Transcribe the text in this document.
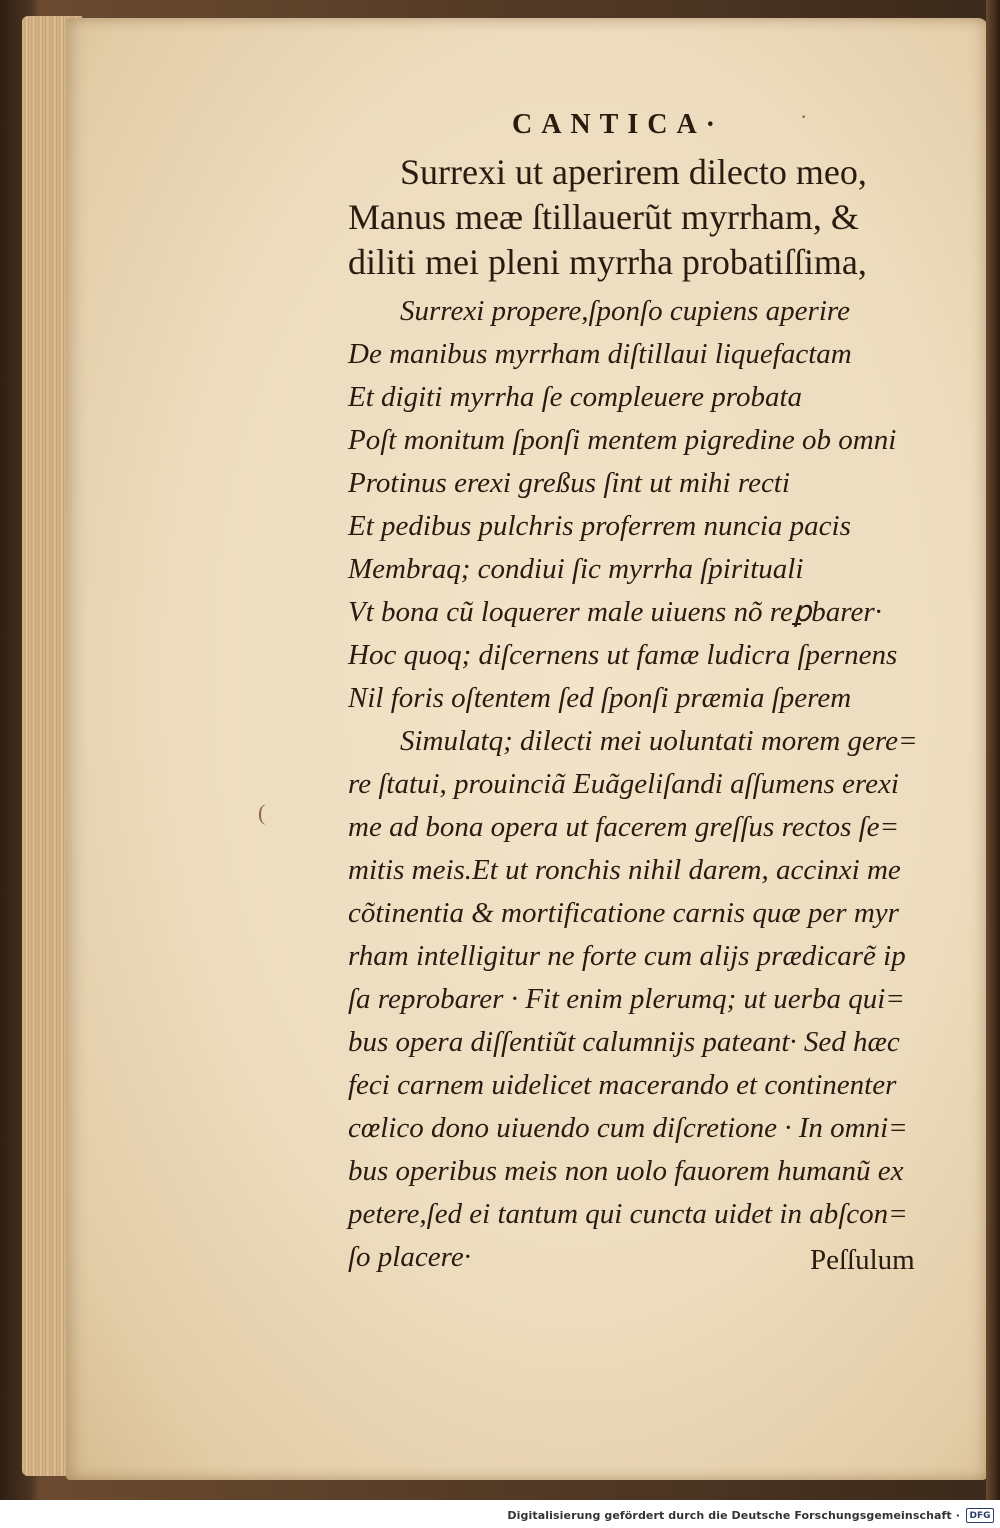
·
(
CANTICA·
Surrexi ut aperirem dilecto meo,
Manus meæ ſtillauerũt myrrham, &
diliti mei pleni myrrha probatiſſima,
Surrexi propere,ſponſo cupiens aperire
De manibus myrrham diſtillaui liquefactam
Et digiti myrrha ſe compleuere probata
Poſt monitum ſponſi mentem pigredine ob omni
Protinus erexi greßus ſint ut mihi recti
Et pedibus pulchris proferrem nuncia pacis
Membraq; condiui ſic myrrha ſpirituali
Vt bona cũ loquerer male uiuens nõ reꝑbarer·
Hoc quoq; diſcernens ut famæ ludicra ſpernens
Nil foris oſtentem ſed ſponſi præmia ſperem
Simulatq; dilecti mei uoluntati morem gere=
re ſtatui, prouinciã Euãgeliſandi aſſumens erexi
me ad bona opera ut facerem greſſus rectos ſe=
mitis meis.Et ut ronchis nihil darem, accinxi me
cõtinentia & mortificatione carnis quæ per myr
rham intelligitur ne forte cum alijs prædicarẽ ip
ſa reprobarer · Fit enim plerumq; ut uerba qui=
bus opera diſſentiũt calumnijs pateant· Sed hæc
feci carnem uidelicet macerando et continenter
cœlico dono uiuendo cum diſcretione · In omni=
bus operibus meis non uolo fauorem humanũ ex
petere,ſed ei tantum qui cuncta uidet in abſcon=
ſo placere·	Peſſulum
Digitalisierung gefördert durch die Deutsche Forschungsgemeinschaft ·	DFG
